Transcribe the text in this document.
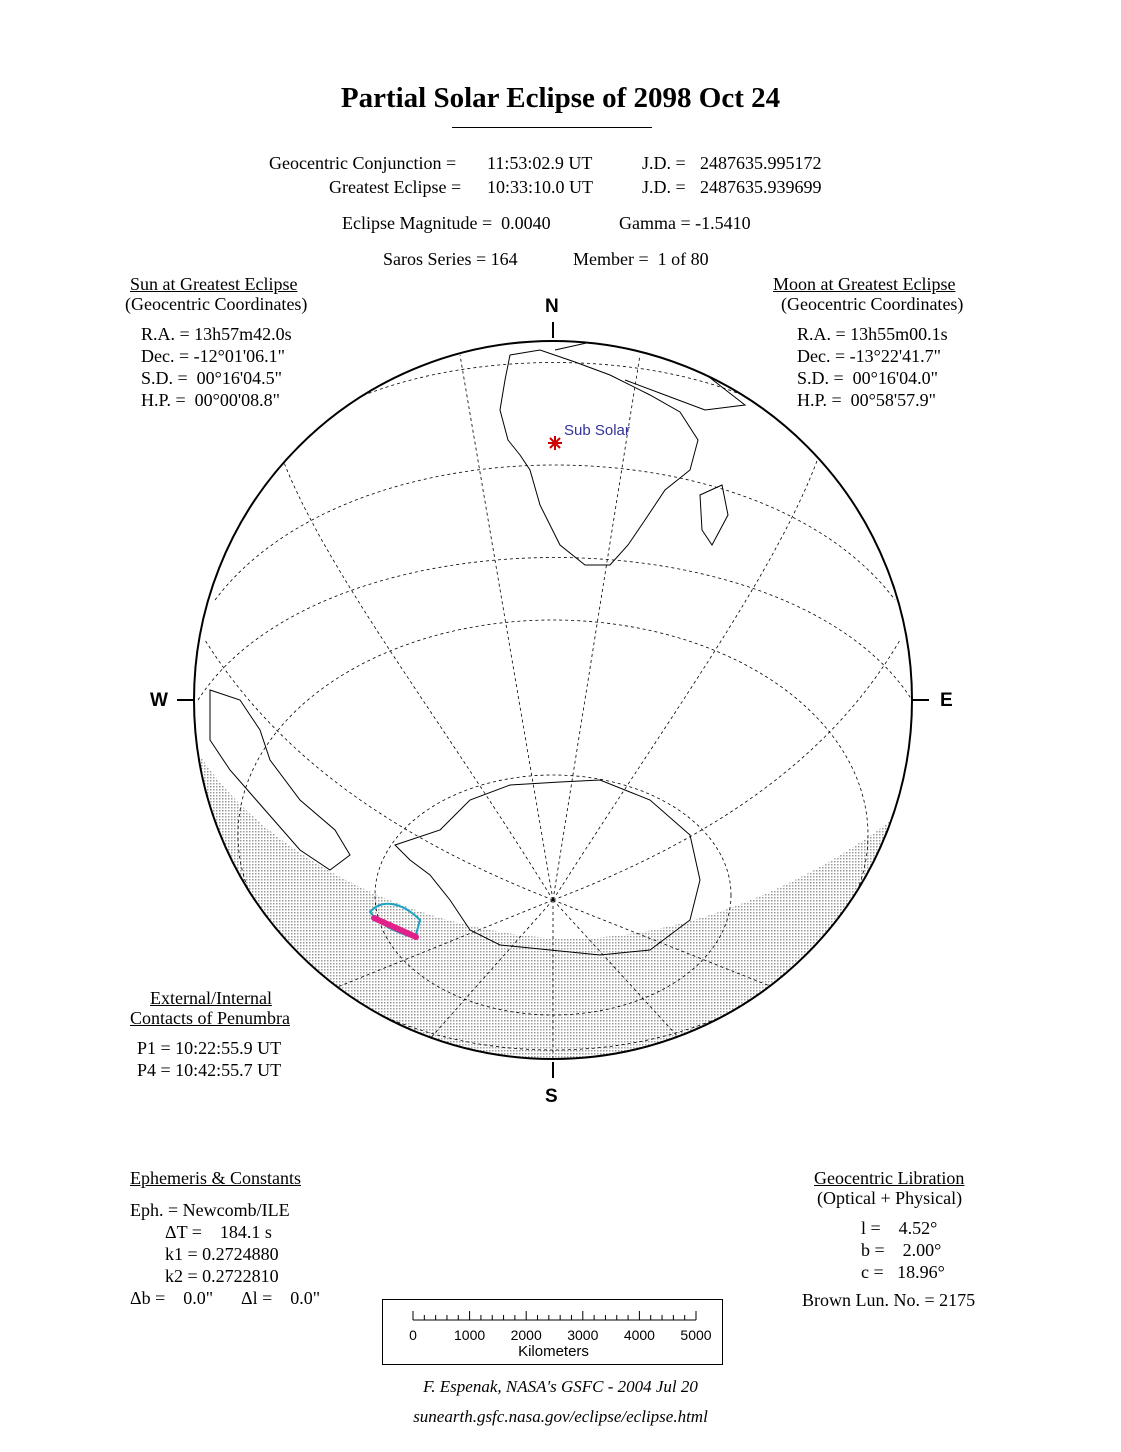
Partial Solar Eclipse of 2098 Oct 24
Geocentric Conjunction = 11:53:02.9 UT	J.D. = 2487635.995172
Greatest Eclipse = 10:33:10.0 UT	J.D. = 2487635.939699
Eclipse Magnitude =  0.0040	Gamma = -1.5410
Saros Series = 164	Member =  1 of 80
Sun at Greatest Eclipse
(Geocentric Coordinates)
R.A. = 13h57m42.0s
Dec. = -12°01'06.1"
S.D. =  00°16'04.5"
H.P. =  00°00'08.8"
Moon at Greatest Eclipse
(Geocentric Coordinates)
R.A. = 13h55m00.1s
Dec. = -13°22'41.7"
S.D. =  00°16'04.0"
H.P. =  00°58'57.9"
N
S
W	E
Sub Solar
External/Internal
Contacts of Penumbra
P1 = 10:22:55.9 UT
P4 = 10:42:55.7 UT
Ephemeris & Constants
Eph. = Newcomb/ILE
ΔT =    184.1 s
k1 = 0.2724880
k2 = 0.2722810
Δb =    0.0" Δl =    0.0"
Geocentric Libration
(Optical + Physical)
l =    4.52°
b =    2.00°
c =   18.96°
Brown Lun. No. = 2175
0	1000 2000 3000 4000 5000
Kilometers
F. Espenak, NASA's GSFC - 2004 Jul 20
sunearth.gsfc.nasa.gov/eclipse/eclipse.html
